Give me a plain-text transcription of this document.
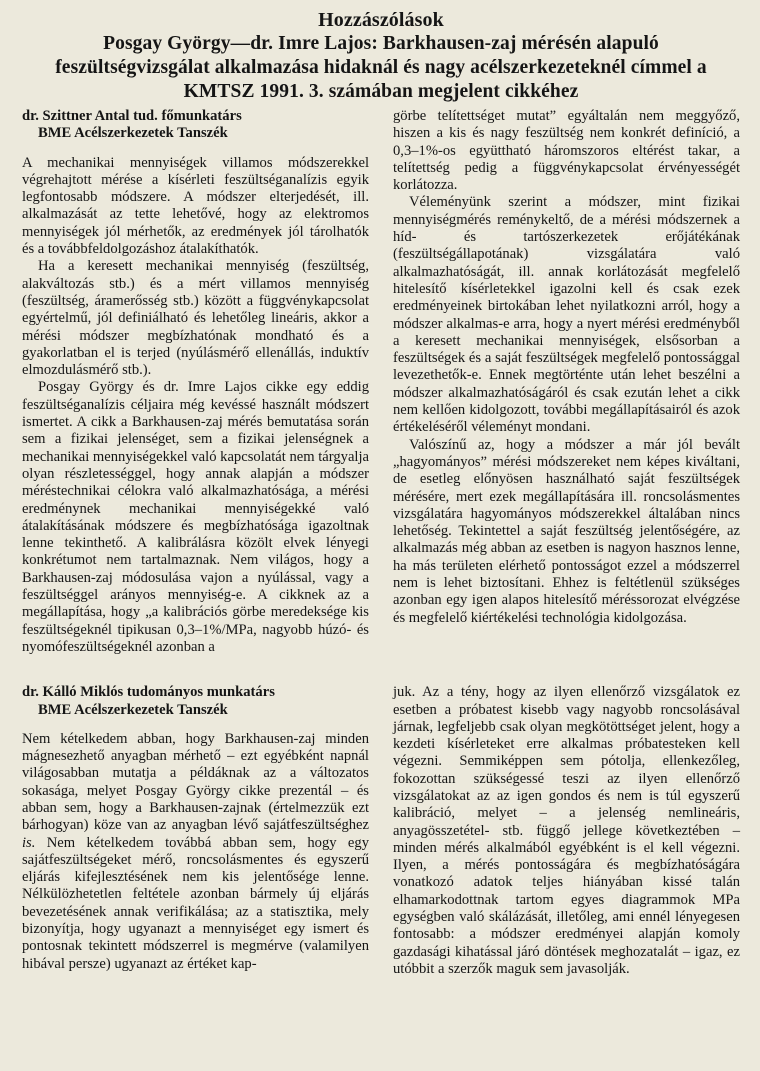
Hozzászólások
Posgay György—dr. Imre Lajos: Barkhausen-zaj mérésén alapuló
feszültségvizsgálat alkalmazása hidaknál és nagy acélszerkezeteknél címmel a
KMTSZ 1991. 3. számában megjelent cikkéhez
dr. Szittner Antal tud. főmunkatárs
BME Acélszerkezetek Tanszék

A mechanikai mennyiségek villamos módszerekkel végrehajtott mérése a kísérleti feszültséganalízis egyik legfontosabb módszere. A módszer elterjedését, ill. alkalmazását az tette lehetővé, hogy az elektromos mennyiségek jól mérhetők, az eredmények jól tárolhatók és a továbbfeldolgozáshoz átalakíthatók.

Ha a keresett mechanikai mennyiség (feszültség, alakváltozás stb.) és a mért villamos mennyiség (feszültség, áramerősség stb.) között a függvénykapcsolat egyértelmű, jól definiálható és lehetőleg lineáris, akkor a mérési módszer megbízhatónak mondható és a gyakorlatban el is terjed (nyúlásmérő ellenállás, induktív elmozdulásmérő stb.).

Posgay György és dr. Imre Lajos cikke egy eddig feszültséganalízis céljaira még kevéssé használt módszert ismertet. A cikk a Barkhausen-zaj mérés bemutatása során sem a fizikai jelenséget, sem a fizikai jelenségnek a mechanikai mennyiségekkel való kapcsolatát nem tárgyalja olyan részletességgel, hogy annak alapján a módszer méréstechnikai célokra való alkalmazhatósága, a mérési eredménynek mechanikai mennyiségekké való átalakításának módszere és megbízhatósága igazoltnak lenne tekinthető. A kalibrálásra közölt elvek lényegi konkrétumot nem tartalmaznak. Nem világos, hogy a Barkhausen-zaj módosulása vajon a nyúlással, vagy a feszültséggel arányos mennyiség-e. A cikknek az a megállapítása, hogy „a kalibrációs görbe meredeksége kis feszültségeknél tipikusan 0,3–1%/MPa, nagyobb húzó- és nyomófeszültségeknél azonban a

görbe telítettséget mutat” egyáltalán nem meggyőző, hiszen a kis és nagy feszültség nem konkrét definíció, a 0,3–1%-os együttható háromszoros eltérést takar, a telítettség pedig a függvénykapcsolat érvényességét korlátozza.

Véleményünk szerint a módszer, mint fizikai mennyiségmérés reménykeltő, de a mérési módszernek a híd- és tartószerkezetek erőjátékának (feszültségállapotának) vizsgálatára való alkalmazhatóságát, ill. annak korlátozását megfelelő hitelesítő kísérletekkel igazolni kell és csak ezek eredményeinek birtokában lehet nyilatkozni arról, hogy a módszer alkalmas-e arra, hogy a nyert mérési eredményből a keresett mechanikai mennyiségek, elsősorban a feszültségek és a saját feszültségek megfelelő pontossággal levezethetők-e. Ennek megtörténte után lehet beszélni a módszer alkalmazhatóságáról és csak ezután lehet a cikk nem kellően kidolgozott, további megállapításairól és azok értékeléséről véleményt mondani.

Valószínű az, hogy a módszer a már jól bevált „hagyományos” mérési módszereket nem képes kiváltani, de esetleg előnyösen használható saját feszültségek mérésére, mert ezek megállapítására ill. roncsolásmentes vizsgálatára hagyományos módszerekkel általában nincs lehetőség. Tekintettel a saját feszültség jelentőségére, az alkalmazás még abban az esetben is nagyon hasznos lenne, ha más területen elérhető pontosságot ezzel a módszerrel nem is lehet biztosítani. Ehhez is feltétlenül szükséges azonban egy igen alapos hitelesítő méréssorozat elvégzése és megfelelő kiértékelési technológia kidolgozása.

dr. Kálló Miklós tudományos munkatárs
BME Acélszerkezetek Tanszék

Nem kételkedem abban, hogy Barkhausen-zaj minden mágnesezhető anyagban mérhető – ezt egyébként napnál világosabban mutatja a példáknak az a változatos sokasága, melyet Posgay György cikke prezentál – és abban sem, hogy a Barkhausen-zajnak (értelmezzük ezt bárhogyan) köze van az anyagban lévő sajátfeszültséghez is. Nem kételkedem továbbá abban sem, hogy egy sajátfeszültségeket mérő, roncsolásmentes és egyszerű eljárás kifejlesztésének nem kis jelentősége lenne. Nélkülözhetetlen feltétele azonban bármely új eljárás bevezetésének annak verifikálása; az a statisztika, mely bizonyítja, hogy ugyanazt a mennyiséget egy ismert és pontosnak tekintett módszerrel is megmérve (valamilyen hibával persze) ugyanazt az értéket kap-

juk. Az a tény, hogy az ilyen ellenőrző vizsgálatok ez esetben a próbatest kisebb vagy nagyobb roncsolásával járnak, legfeljebb csak olyan megkötöttséget jelent, hogy a kezdeti kísérleteket erre alkalmas próbatesteken kell végezni. Semmiképpen sem pótolja, ellenkezőleg, fokozottan szükségessé teszi az ilyen ellenőrző vizsgálatokat az az igen gondos és nem is túl egyszerű kalibráció, melyet – a jelenség nemlineáris, anyagösszetétel- stb. függő jellege következtében – minden mérés alkalmából egyébként is el kell végezni. Ilyen, a mérés pontosságára és megbízhatóságára vonatkozó adatok teljes hiányában kissé talán elhamarkodottnak tartom egyes diagrammok MPa egységben való skálázását, illetőleg, ami ennél lényegesen fontosabb: a módszer eredményei alapján komoly gazdasági kihatással járó döntések meghozatalát – igaz, ez utóbbit a szerzők maguk sem javasolják.
